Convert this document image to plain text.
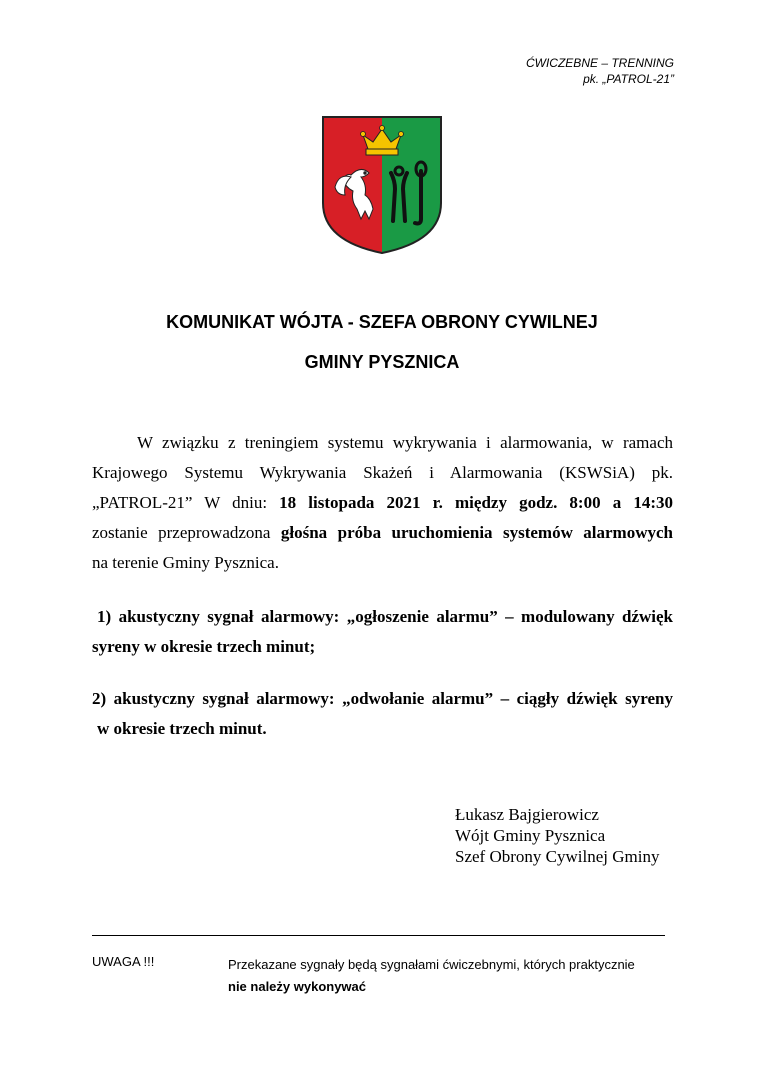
ĆWICZEBNE – TRENNING
pk. „PATROL-21”
KOMUNIKAT WÓJTA - SZEFA OBRONY CYWILNEJ
GMINY PYSZNICA
W związku z treningiem systemu wykrywania i alarmowania, w ramach
Krajowego Systemu Wykrywania Skażeń i Alarmowania (KSWSiA) pk.
„PATROL-21” W dniu: 18 listopada 2021 r. między godz. 8:00 a 14:30
zostanie przeprowadzona głośna próba uruchomienia systemów alarmowych
na terenie Gminy Pysznica.
1) akustyczny sygnał alarmowy: „ogłoszenie alarmu” – modulowany dźwięk
syreny w okresie trzech minut;
2) akustyczny sygnał alarmowy: „odwołanie alarmu” – ciągły dźwięk syreny
w okresie trzech minut.
Łukasz Bajgierowicz
Wójt Gminy Pysznica
Szef Obrony Cywilnej Gminy
UWAGA !!!	Przekazane sygnały będą sygnałami ćwiczebnymi, których praktycznie
nie należy wykonywać
